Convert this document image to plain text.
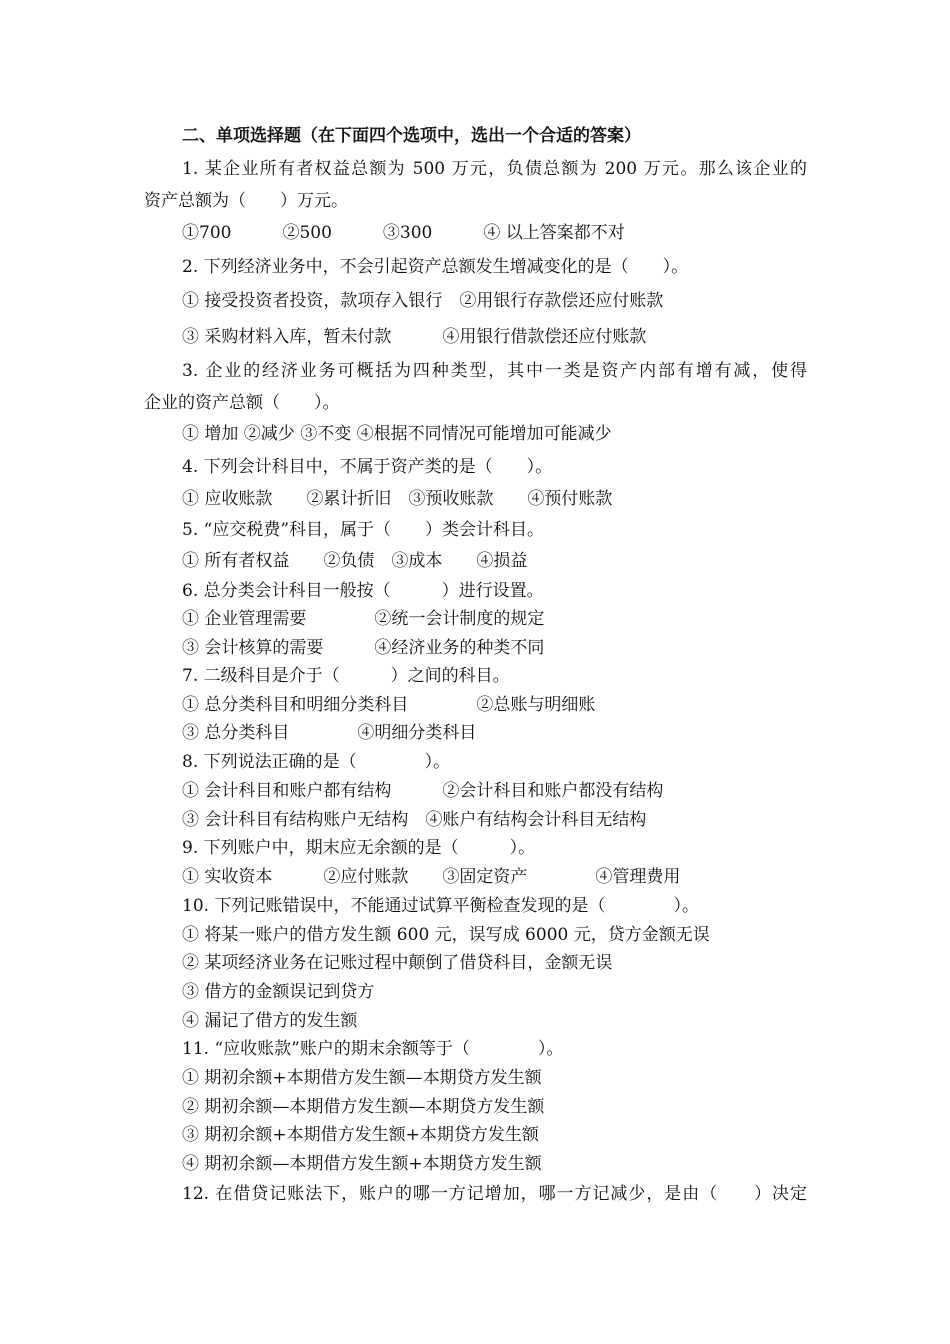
二、单项选择题（在下面四个选项中，选出一个合适的答案）
1. 某企业所有者权益总额为 500 万元，负债总额为 200 万元。那么该企业的
资产总额为（　　）万元。
①700　　　②500　　　③300　　　④ 以上答案都不对
2. 下列经济业务中，不会引起资产总额发生增减变化的是（　　）。
① 接受投资者投资，款项存入银行　②用银行存款偿还应付账款
③ 采购材料入库，暂未付款　　　④用银行借款偿还应付账款
3. 企业的经济业务可概括为四种类型，其中一类是资产内部有增有减，使得
企业的资产总额（　　）。
① 增加 ②减少 ③不变 ④根据不同情况可能增加可能减少
4. 下列会计科目中，不属于资产类的是（　　）。
① 应收账款　　②累计折旧　③预收账款　　④预付账款
5. “应交税费”科目，属于（　　）类会计科目。
① 所有者权益　　②负债　③成本　　④损益
6. 总分类会计科目一般按（　　　）进行设置。
① 企业管理需要　　　　②统一会计制度的规定
③ 会计核算的需要　　　④经济业务的种类不同
7. 二级科目是介于（　　　）之间的科目。
① 总分类科目和明细分类科目　　　　②总账与明细账
③ 总分类科目　　　　④明细分类科目
8. 下列说法正确的是（　　　　）。
① 会计科目和账户都有结构　　　②会计科目和账户都没有结构
③ 会计科目有结构账户无结构　④账户有结构会计科目无结构
9. 下列账户中，期末应无余额的是（　　　）。
① 实收资本　　　②应付账款　　③固定资产　　　　④管理费用
10. 下列记账错误中，不能通过试算平衡检查发现的是（　　　　）。
① 将某一账户的借方发生额 600 元，误写成 6000 元，贷方金额无误
② 某项经济业务在记账过程中颠倒了借贷科目，金额无误
③ 借方的金额误记到贷方
④ 漏记了借方的发生额
11. “应收账款”账户的期末余额等于（　　　　）。
① 期初余额+本期借方发生额—本期贷方发生额
② 期初余额—本期借方发生额—本期贷方发生额
③ 期初余额+本期借方发生额+本期贷方发生额
④ 期初余额—本期借方发生额+本期贷方发生额
12. 在借贷记账法下，账户的哪一方记增加，哪一方记减少，是由（　　）决定
